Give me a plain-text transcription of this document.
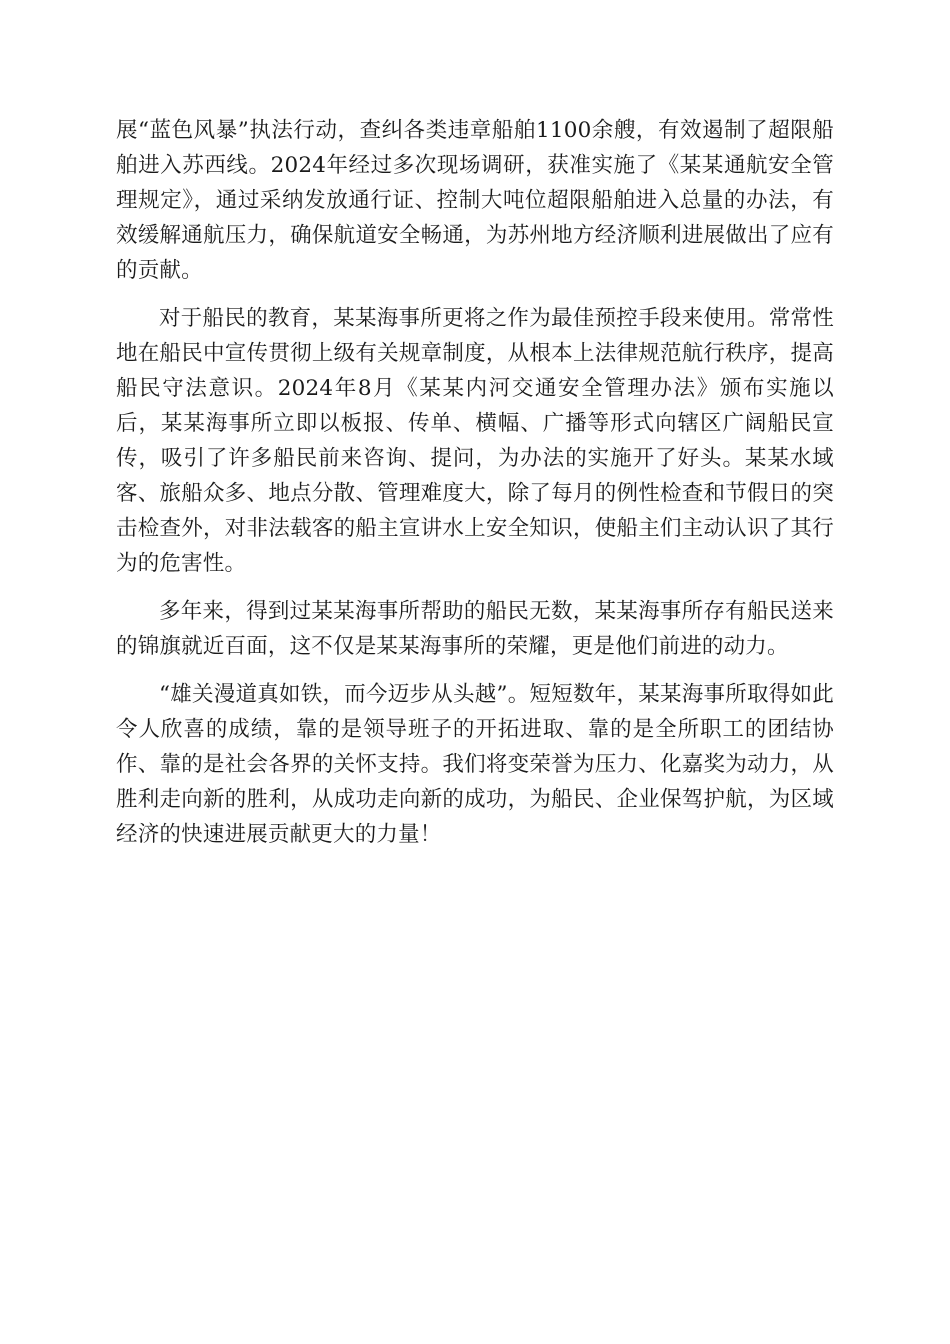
展“蓝色风暴”执法行动，查纠各类违章船舶1100余艘，有效遏制了超限船舶进入苏西线。2024年经过多次现场调研，获准实施了《某某通航安全管理规定》，通过采纳发放通行证、控制大吨位超限船舶进入总量的办法，有效缓解通航压力，确保航道安全畅通，为苏州地方经济顺利进展做出了应有的贡献。

对于船民的教育，某某海事所更将之作为最佳预控手段来使用。常常性地在船民中宣传贯彻上级有关规章制度，从根本上法律规范航行秩序，提高船民守法意识。2024年8月《某某内河交通安全管理办法》颁布实施以后，某某海事所立即以板报、传单、横幅、广播等形式向辖区广阔船民宣传，吸引了许多船民前来咨询、提问，为办法的实施开了好头。某某水域客、旅船众多、地点分散、管理难度大，除了每月的例性检查和节假日的突击检查外，对非法载客的船主宣讲水上安全知识，使船主们主动认识了其行为的危害性。

多年来，得到过某某海事所帮助的船民无数，某某海事所存有船民送来的锦旗就近百面，这不仅是某某海事所的荣耀，更是他们前进的动力。

“雄关漫道真如铁，而今迈步从头越”。短短数年，某某海事所取得如此令人欣喜的成绩，靠的是领导班子的开拓进取、靠的是全所职工的团结协作、靠的是社会各界的关怀支持。我们将变荣誉为压力、化嘉奖为动力，从胜利走向新的胜利，从成功走向新的成功，为船民、企业保驾护航，为区域经济的快速进展贡献更大的力量！
